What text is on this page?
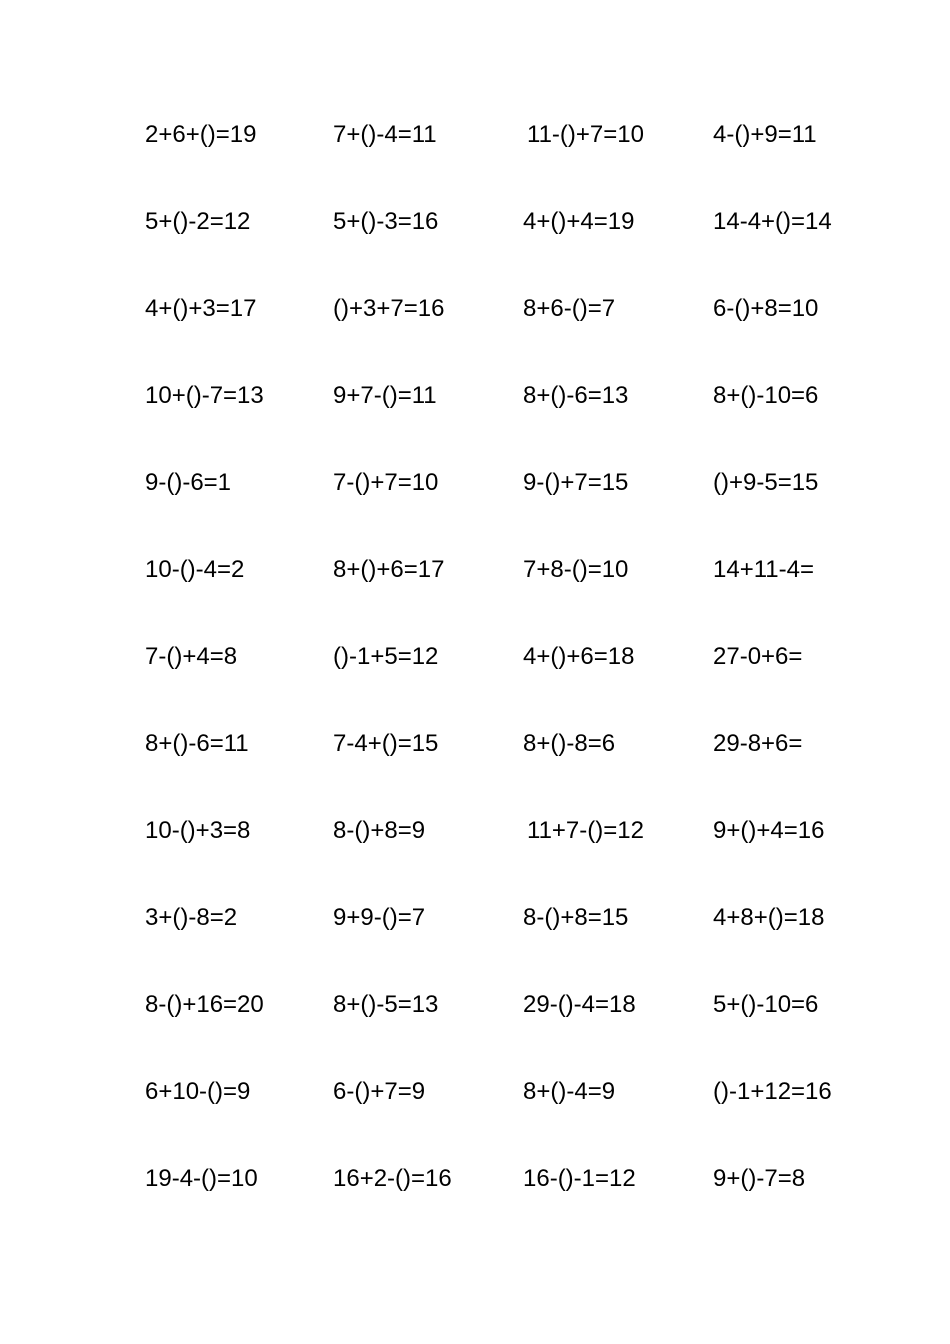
2+6+()=19	7+()-4=11	11-()+7=10	4-()+9=11
5+()-2=12	5+()-3=16	4+()+4=19	14-4+()=14
4+()+3=17	()+3+7=16	8+6-()=7	6-()+8=10
10+()-7=13	9+7-()=11	8+()-6=13	8+()-10=6
9-()-6=1	7-()+7=10	9-()+7=15	()+9-5=15
10-()-4=2	8+()+6=17	7+8-()=10	14+11-4=
7-()+4=8	()-1+5=12	4+()+6=18	27-0+6=
8+()-6=11	7-4+()=15	8+()-8=6	29-8+6=
10-()+3=8	8-()+8=9	11+7-()=12	9+()+4=16
3+()-8=2	9+9-()=7	8-()+8=15	4+8+()=18
8-()+16=20	8+()-5=13	29-()-4=18	5+()-10=6
6+10-()=9	6-()+7=9	8+()-4=9	()-1+12=16
19-4-()=10	16+2-()=16	16-()-1=12	9+()-7=8
